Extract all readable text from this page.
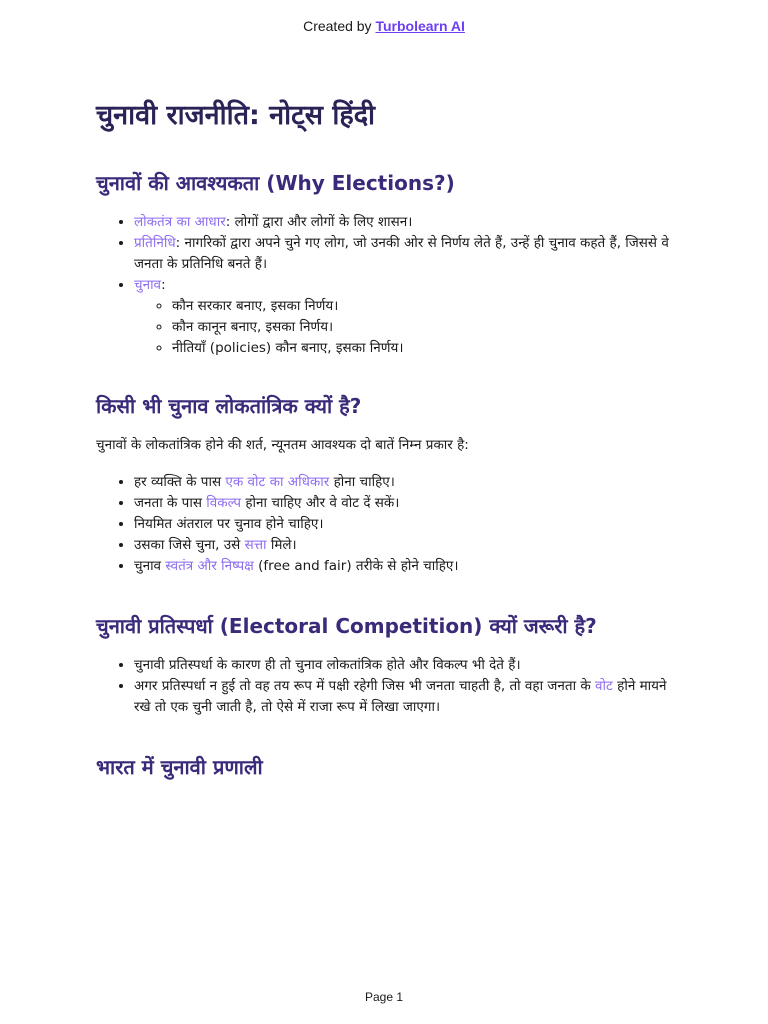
Created by Turbolearn AI
चुनावी राजनीति: नोट्स हिंदी
चुनावों की आवश्यकता (Why Elections?)
• लोकतंत्र का आधार: लोगों द्वारा और लोगों के लिए शासन।
• प्रतिनिधि: नागरिकों द्वारा अपने चुने गए लोग, जो उनकी ओर से निर्णय लेते हैं, उन्हें ही चुनाव कहते हैं, जिससे वे जनता के प्रतिनिधि बनते हैं।
• चुनाव:
◦ कौन सरकार बनाए, इसका निर्णय।
◦ कौन कानून बनाए, इसका निर्णय।
◦ नीतियाँ (policies) कौन बनाए, इसका निर्णय।
किसी भी चुनाव लोकतांत्रिक क्यों है?

चुनावों के लोकतांत्रिक होने की शर्त, न्यूनतम आवश्यक दो बातें निम्न प्रकार है:

• हर व्यक्ति के पास एक वोट का अधिकार होना चाहिए।
• जनता के पास विकल्प होना चाहिए और वे वोट दें सकें।
• नियमित अंतराल पर चुनाव होने चाहिए।
• उसका जिसे चुना, उसे सत्ता मिले।
• चुनाव स्वतंत्र और निष्पक्ष (free and fair) तरीके से होने चाहिए।
चुनावी प्रतिस्पर्धा (Electoral Competition) क्यों जरूरी है?
• चुनावी प्रतिस्पर्धा के कारण ही तो चुनाव लोकतांत्रिक होते और विकल्प भी देते हैं।
• अगर प्रतिस्पर्धा न हुई तो वह तय रूप में पक्षी रहेगी जिस भी जनता चाहती है, तो वहा जनता के वोट होने मायने रखे तो एक चुनी जाती है, तो ऐसे में राजा रूप में लिखा जाएगा।
भारत में चुनावी प्रणाली
Page 1
